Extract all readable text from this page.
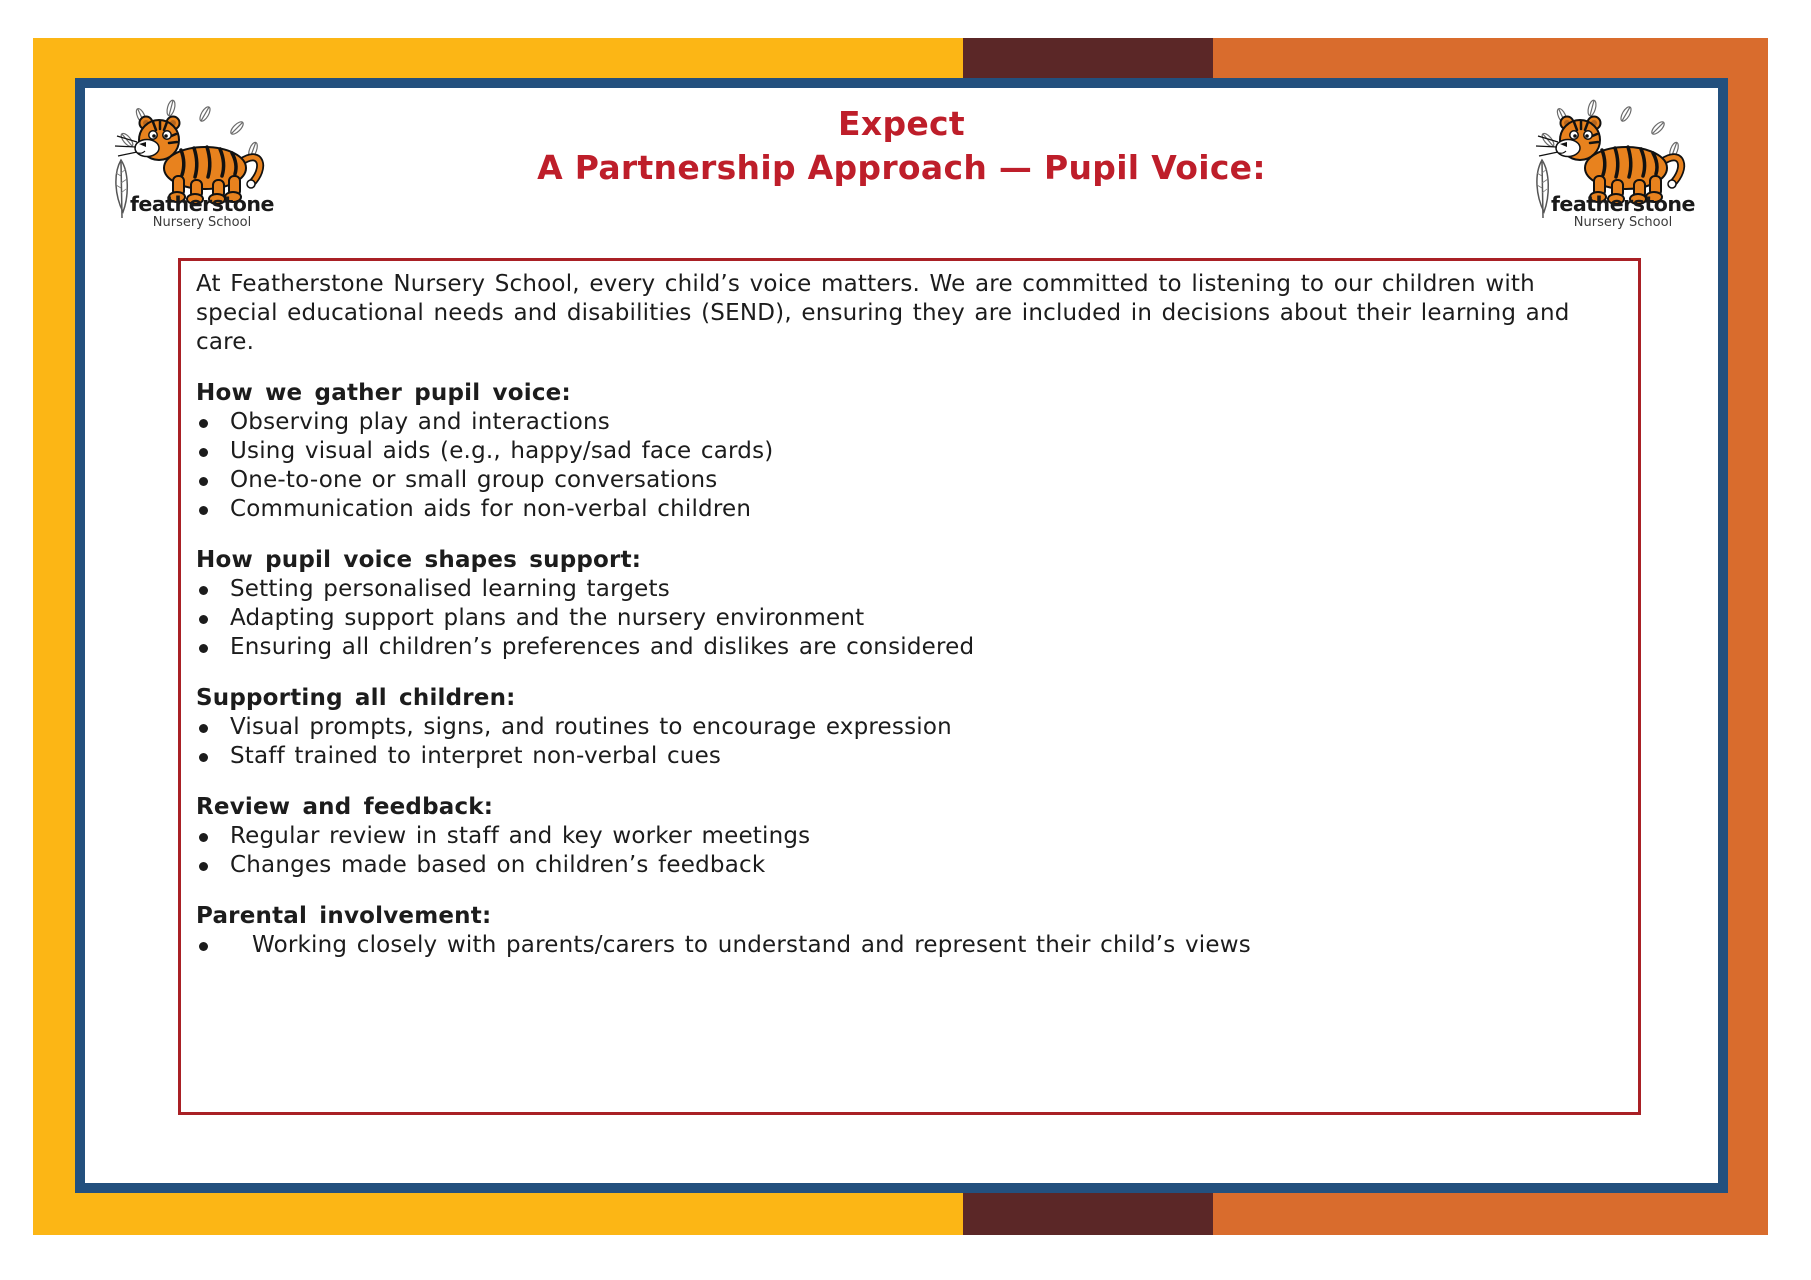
featherstone
Nursery School
featherstone
Nursery School
Expect
A Partnership Approach — Pupil Voice:

At Featherstone Nursery School, every child’s voice matters. We are committed to listening to our children with special educational needs and disabilities (SEND), ensuring they are included in decisions about their learning and care.

How we gather pupil voice:
Observing play and interactions
Using visual aids (e.g., happy/sad face cards)
One-to-one or small group conversations
Communication aids for non-verbal children
How pupil voice shapes support:
Setting personalised learning targets
Adapting support plans and the nursery environment
Ensuring all children’s preferences and dislikes are considered
Supporting all children:
Visual prompts, signs, and routines to encourage expression
Staff trained to interpret non-verbal cues
Review and feedback:
Regular review in staff and key worker meetings
Changes made based on children’s feedback
Parental involvement:
Working closely with parents/carers to understand and represent their child’s views
